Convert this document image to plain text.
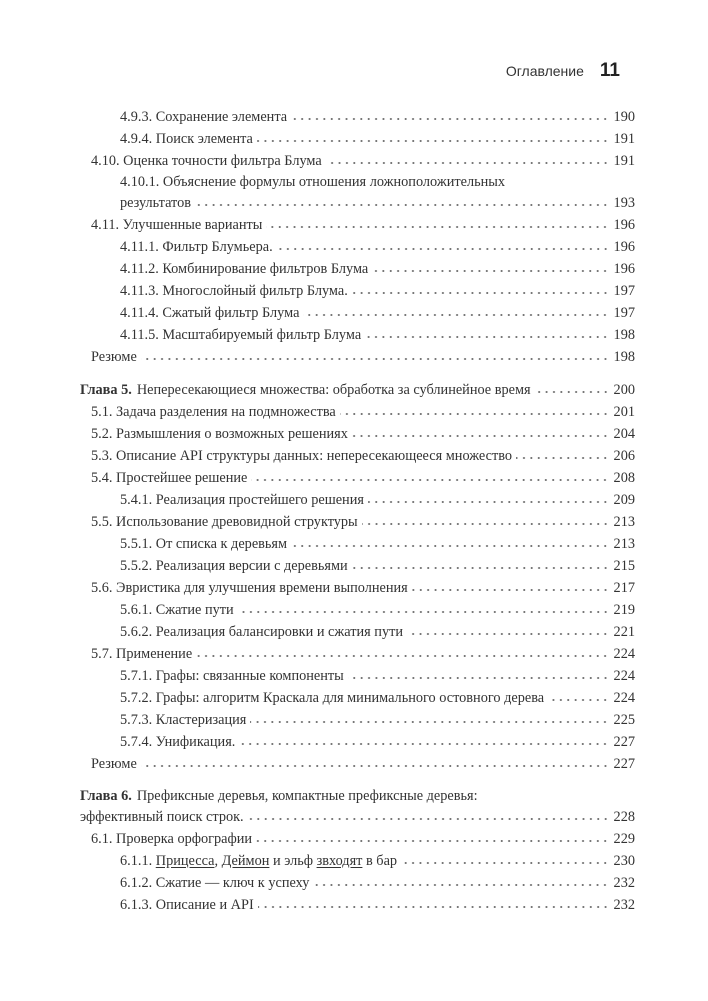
Оглавление 11
4.9.3. Сохранение элемента	190
4.9.4. Поиск элемента	191
4.10. Оценка точности фильтра Блума	191
4.10.1. Объяснение формулы отношения ложноположительных
результатов	193
4.11. Улучшенные варианты	196
4.11.1. Фильтр Блумьера.	196
4.11.2. Комбинирование фильтров Блума	196
4.11.3. Многослойный фильтр Блума.	197
4.11.4. Сжатый фильтр Блума	197
4.11.5. Масштабируемый фильтр Блума	198
Резюме	198
Глава 5. Непересекающиеся множества: обработка за сублинейное время	200
5.1. Задача разделения на подмножества	201
5.2. Размышления о возможных решениях	204
5.3. Описание API структуры данных: непересекающееся множество	206
5.4. Простейшее решение	208
5.4.1. Реализация простейшего решения	209
5.5. Использование древовидной структуры	213
5.5.1. От списка к деревьям	213
5.5.2. Реализация версии с деревьями	215
5.6. Эвристика для улучшения времени выполнения	217
5.6.1. Сжатие пути	219
5.6.2. Реализация балансировки и сжатия пути	221
5.7. Применение	224
5.7.1. Графы: связанные компоненты	224
5.7.2. Графы: алгоритм Краскала для минимального остовного дерева	224
5.7.3. Кластеризация	225
5.7.4. Унификация.	227
Резюме	227
Глава 6. Префиксные деревья, компактные префиксные деревья:
эффективный поиск строк.	228
6.1. Проверка орфографии	229
6.1.1. Прицесса, Деймон и эльф звходят в бар	230
6.1.2. Сжатие — ключ к успеху	232
6.1.3. Описание и API	232
